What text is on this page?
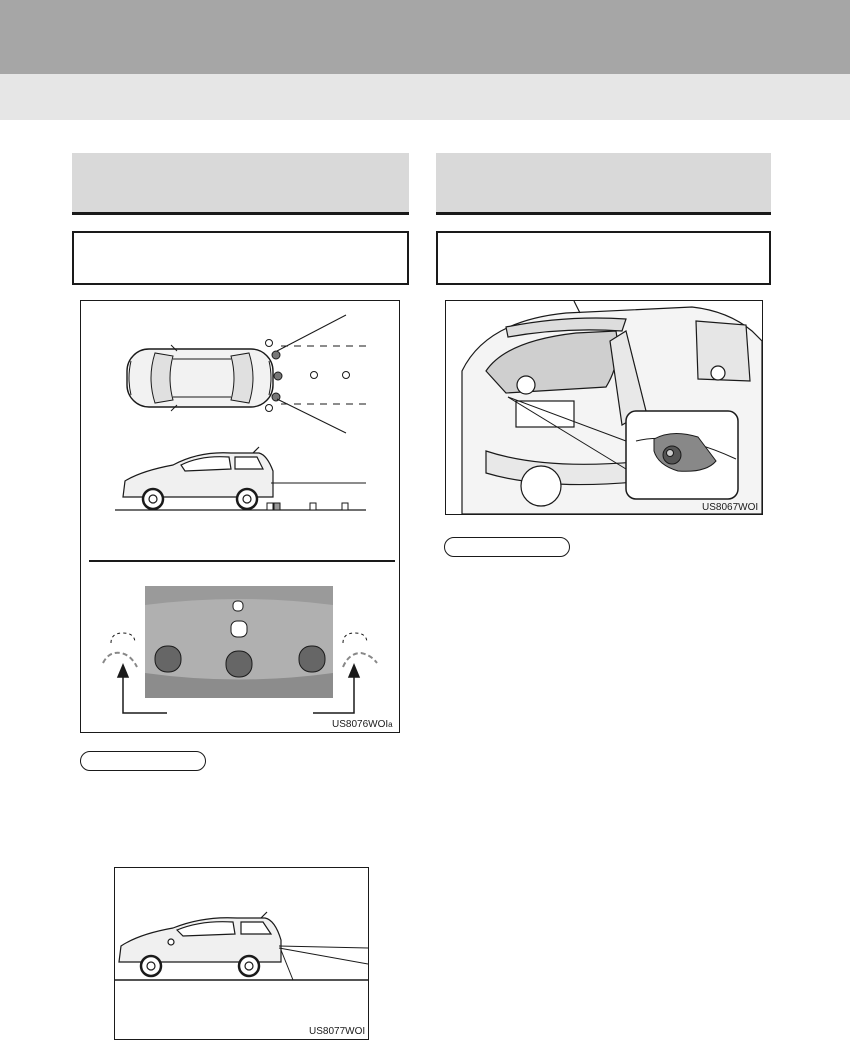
US8076WOIa
US8077WOI
US8067WOI
